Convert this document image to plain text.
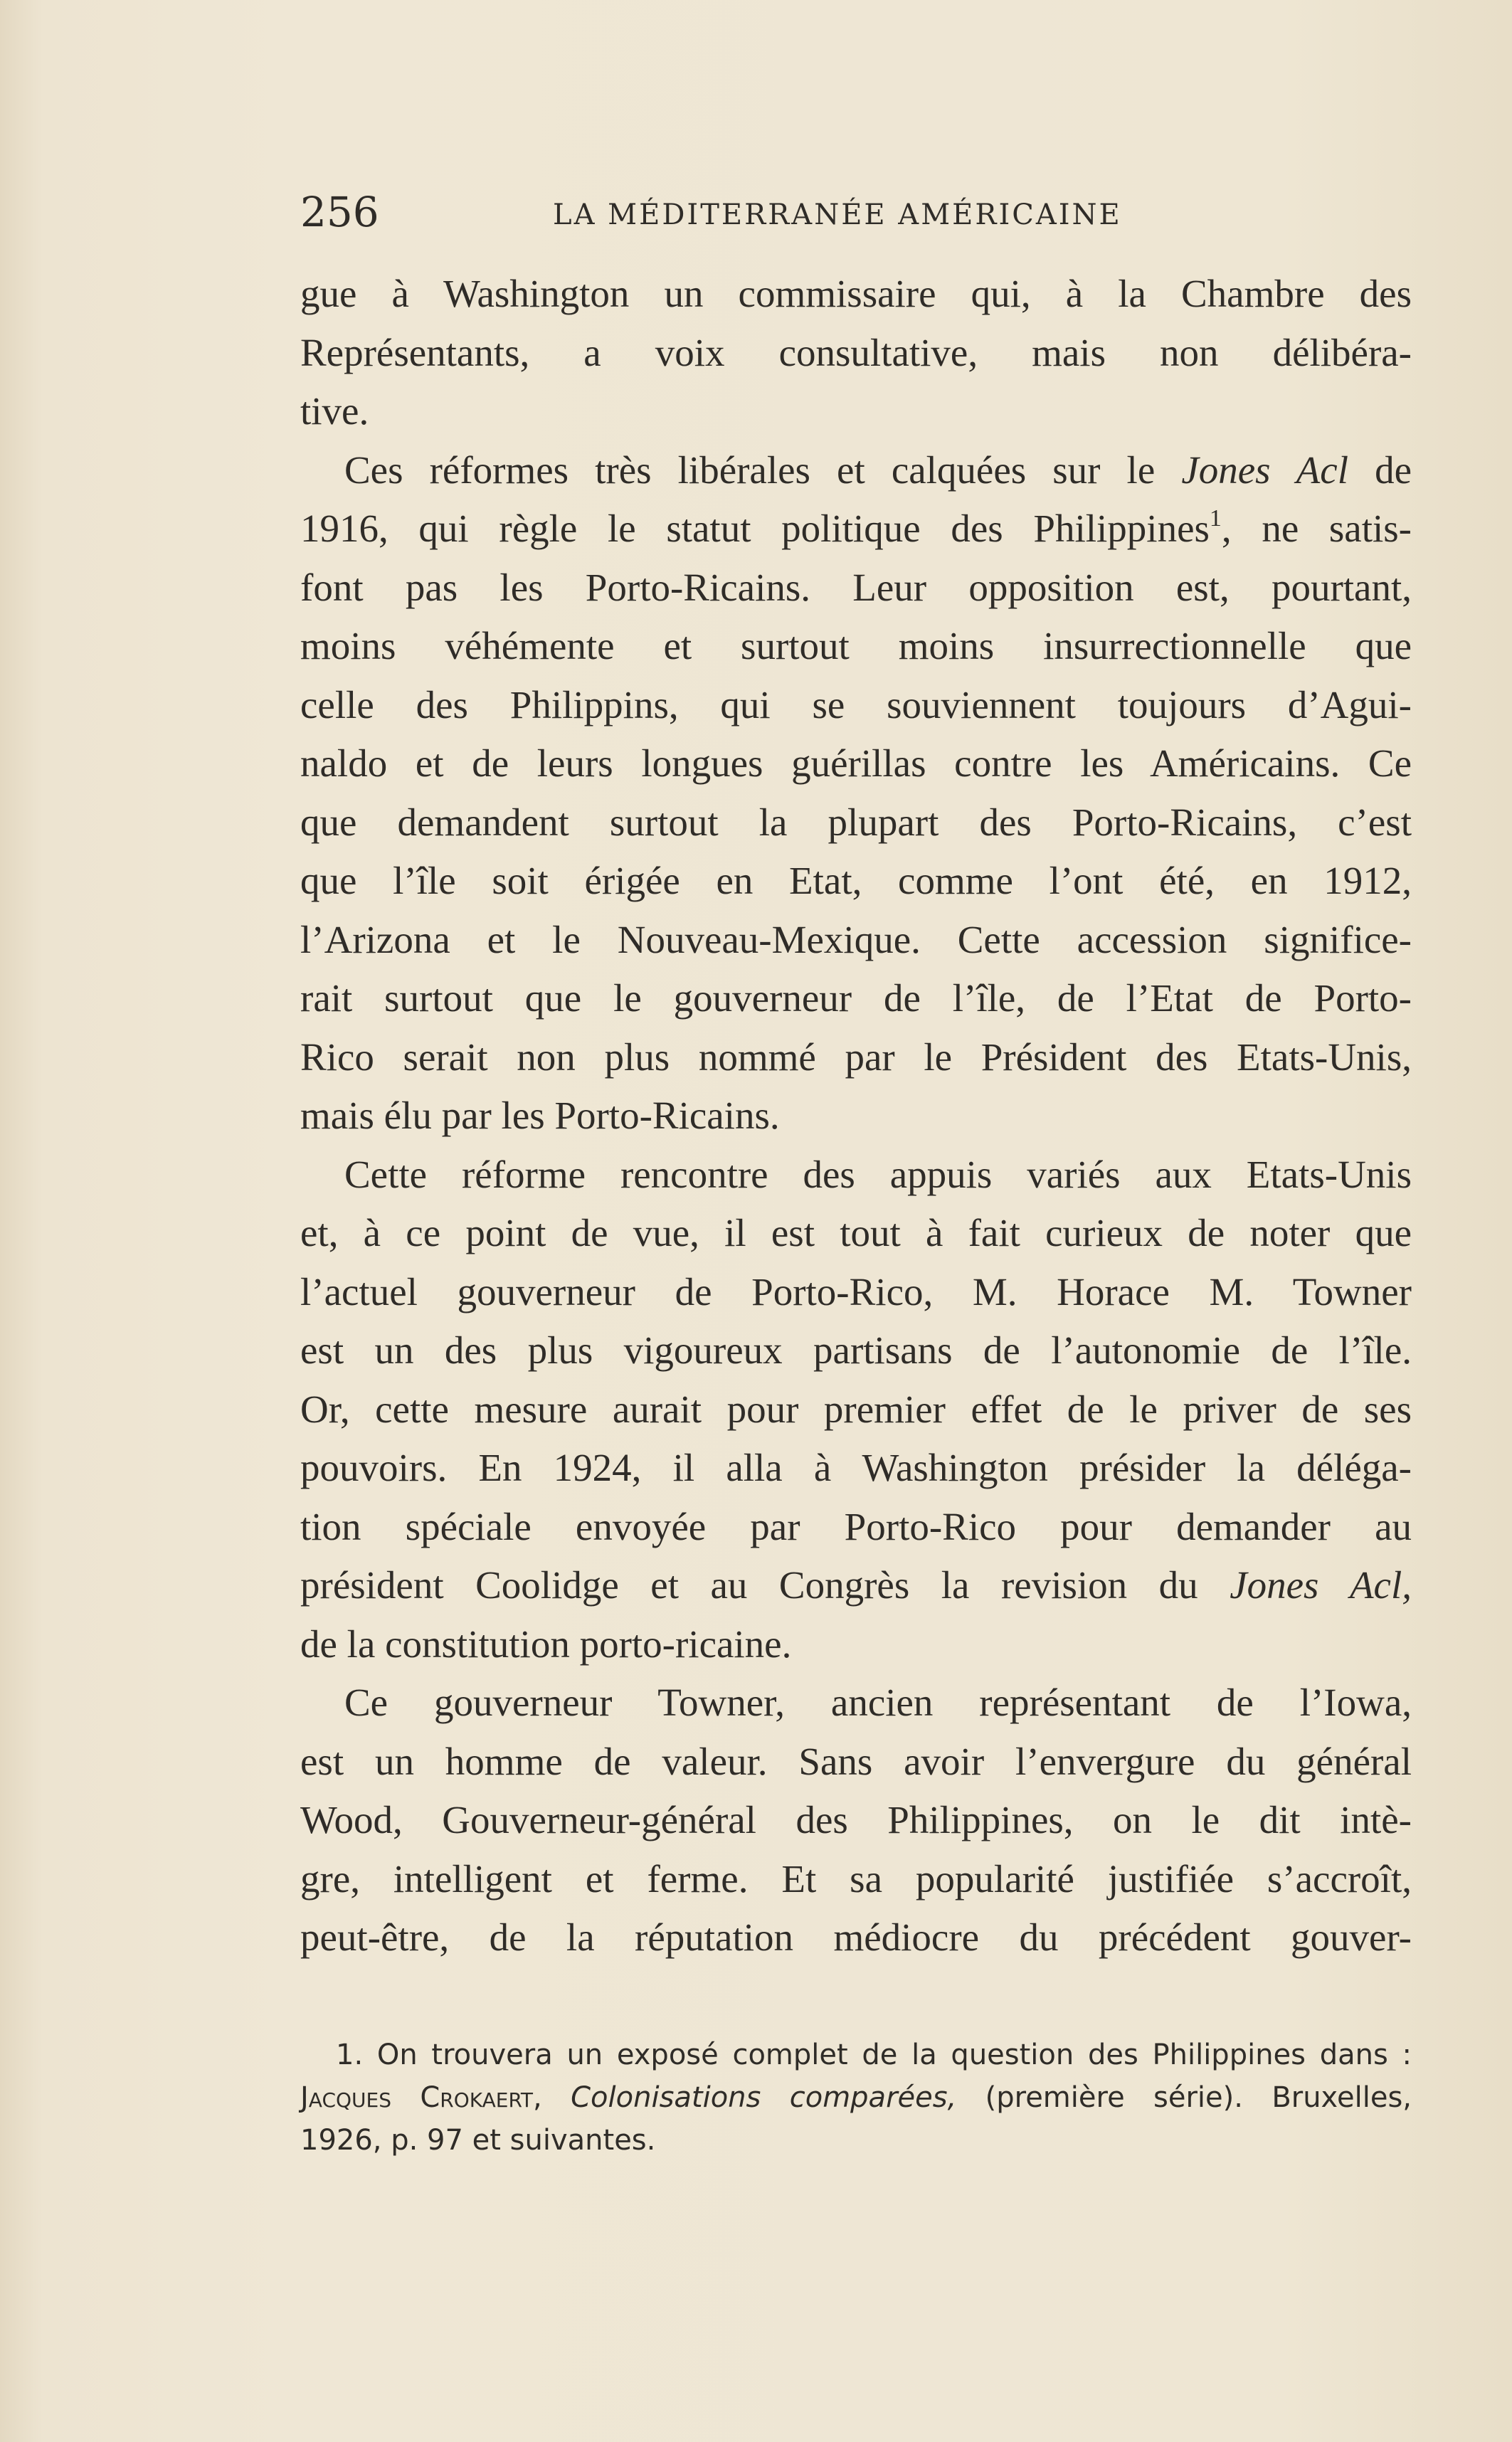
256	LA MÉDITERRANÉE AMÉRICAINE
gue à Washington un commissaire qui, à la Chambre des
Représentants, a voix consultative, mais non délibéra-
tive.
Ces réformes très libérales et calquées sur le Jones Acl de
1916, qui règle le statut politique des Philippines$^1$, ne satis-
font pas les Porto-Ricains. Leur opposition est, pourtant,
moins véhémente et surtout moins insurrectionnelle que
celle des Philippins, qui se souviennent toujours d’Agui-
naldo et de leurs longues guérillas contre les Américains. Ce
que demandent surtout la plupart des Porto-Ricains, c’est
que l’île soit érigée en Etat, comme l’ont été, en 1912,
l’Arizona et le Nouveau-Mexique. Cette accession significe-
rait surtout que le gouverneur de l’île, de l’Etat de Porto-
Rico serait non plus nommé par le Président des Etats-Unis,
mais élu par les Porto-Ricains.
Cette réforme rencontre des appuis variés aux Etats-Unis
et, à ce point de vue, il est tout à fait curieux de noter que
l’actuel gouverneur de Porto-Rico, M. Horace M. Towner
est un des plus vigoureux partisans de l’autonomie de l’île.
Or, cette mesure aurait pour premier effet de le priver de ses
pouvoirs. En 1924, il alla à Washington présider la déléga-
tion spéciale envoyée par Porto-Rico pour demander au
président Coolidge et au Congrès la revision du Jones Acl,
de la constitution porto-ricaine.
Ce gouverneur Towner, ancien représentant de l’Iowa,
est un homme de valeur. Sans avoir l’envergure du général
Wood, Gouverneur-général des Philippines, on le dit intè-
gre, intelligent et ferme. Et sa popularité justifiée s’accroît,
peut-être, de la réputation médiocre du précédent gouver-
1. On trouvera un exposé complet de la question des Philippines dans :
Jacques Crokaert, Colonisations comparées, (première série). Bruxelles,
1926, p. 97 et suivantes.
